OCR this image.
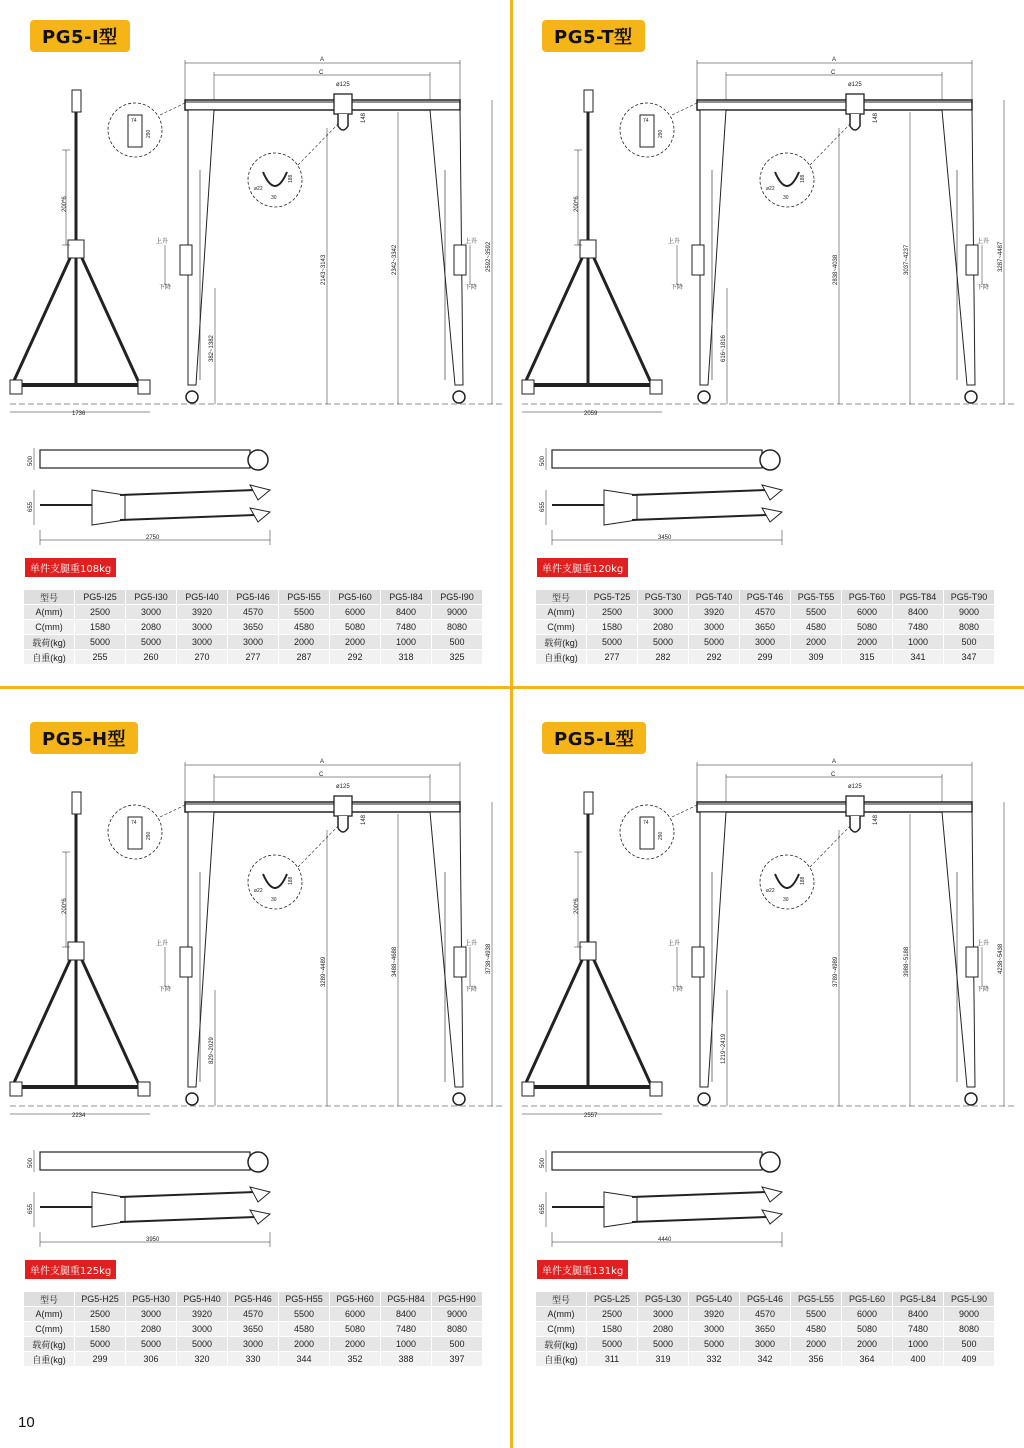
PG5-I型
A
C
ø125
148
74
290
ø22
30
188
200*6
上升
下降
上升
下降
1736
382~1382
2143~3143	2342~3342	2592~3592
500
655
2750
单件支腿重108kg
型号	PG5-I25	PG5-I30	PG5-I40	PG5-I46	PG5-I55	PG5-I60	PG5-I84	PG5-I90
A(mm)	2500	3000	3920	4570	5500	6000	8400	9000
C(mm)	1580	2080	3000	3650	4580	5080	7480	8080
载荷(kg)	5000	5000	3000	3000	2000	2000	1000	500
自重(kg)	255	260	270	277	287	292	318	325
PG5-T型
A
C
ø125
148
74
290
ø22
30
188
200*6
上升
下降
上升
下降
2059
616~1816
2838~4038	3037~4237	3287~4487
500
655
3450
单件支腿重120kg
型号	PG5-T25	PG5-T30	PG5-T40	PG5-T46	PG5-T55	PG5-T60	PG5-T84	PG5-T90
A(mm)	2500	3000	3920	4570	5500	6000	8400	9000
C(mm)	1580	2080	3000	3650	4580	5080	7480	8080
载荷(kg)	5000	5000	5000	3000	2000	2000	1000	500
自重(kg)	277	282	292	299	309	315	341	347
PG5-H型
A
C
ø125
148
74
290
ø22
30
188
200*6
上升
下降
上升
下降
2234
829~2029
3289~4489	3488~4688	3738~4938
500
655
3950
单件支腿重125kg
型号	PG5-H25	PG5-H30	PG5-H40	PG5-H46	PG5-H55	PG5-H60	PG5-H84	PG5-H90
A(mm)	2500	3000	3920	4570	5500	6000	8400	9000
C(mm)	1580	2080	3000	3650	4580	5080	7480	8080
载荷(kg)	5000	5000	5000	3000	2000	2000	1000	500
自重(kg)	299	306	320	330	344	352	388	397
PG5-L型
A
C
ø125
148
74
290
ø22
30
188
200*6
上升
下降
上升
下降
2557
1219~2419
3789~4989	3988~5188	4238~5438
500
655
4440
单件支腿重131kg
型号	PG5-L25	PG5-L30	PG5-L40	PG5-L46	PG5-L55	PG5-L60	PG5-L84	PG5-L90
A(mm)	2500	3000	3920	4570	5500	6000	8400	9000
C(mm)	1580	2080	3000	3650	4580	5080	7480	8080
载荷(kg)	5000	5000	5000	3000	2000	2000	1000	500
自重(kg)	311	319	332	342	356	364	400	409
10
